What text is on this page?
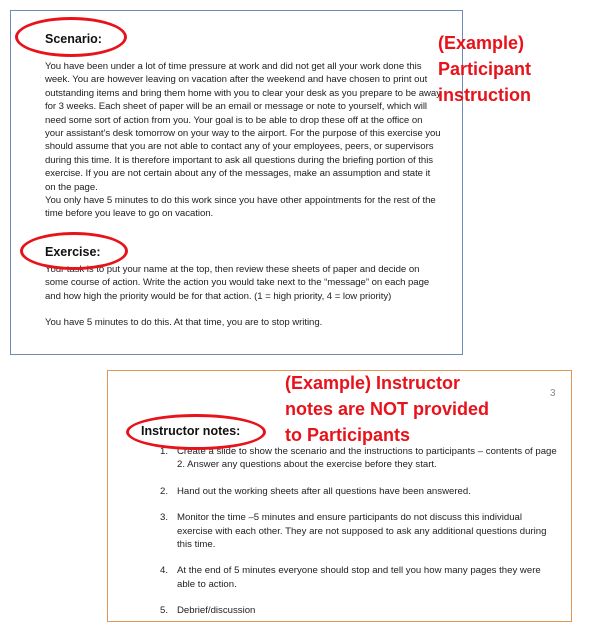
Scenario:

You have been under a lot of time pressure at work and did not get all your work done this week. You are however leaving on vacation after the weekend and have chosen to print out outstanding items and bring them home with you to clear your desk as you prepare to be away for 3 weeks. Each sheet of paper will be an email or message or note to yourself, which will need some sort of action from you. Your goal is to be able to drop these off at the office on your assistant’s desk tomorrow on your way to the airport. For the purpose of this exercise you should assume that you are not able to contact any of your employees, peers, or supervisors during this time. It is therefore important to ask all questions during the briefing portion of this exercise. If you are not certain about any of the messages, make an assumption and state it on the page.

You only have 5 minutes to do this work since you have other appointments for the rest of the time before you leave to go on vacation.

Exercise:

Your task is to put your name at the top, then review these sheets of paper and decide on some course of action. Write the action you would take next to the “message” on each page and how high the priority would be for that action. (1 = high priority, 4 = low priority)

You have 5 minutes to do this. At that time, you are to stop writing.

(Example)
Participant
instruction
3
Instructor notes:
1. Create a slide to show the scenario and the instructions to participants – contents of page 2. Answer any questions about the exercise before they start.
2. Hand out the working sheets after all questions have been answered.
3. Monitor the time –5 minutes and ensure participants do not discuss this individual exercise with each other. They are not supposed to ask any additional questions during this time.
4. At the end of 5 minutes everyone should stop and tell you how many pages they were able to action.
5. Debrief/discussion
(Example) Instructor
notes are NOT provided
to Participants
